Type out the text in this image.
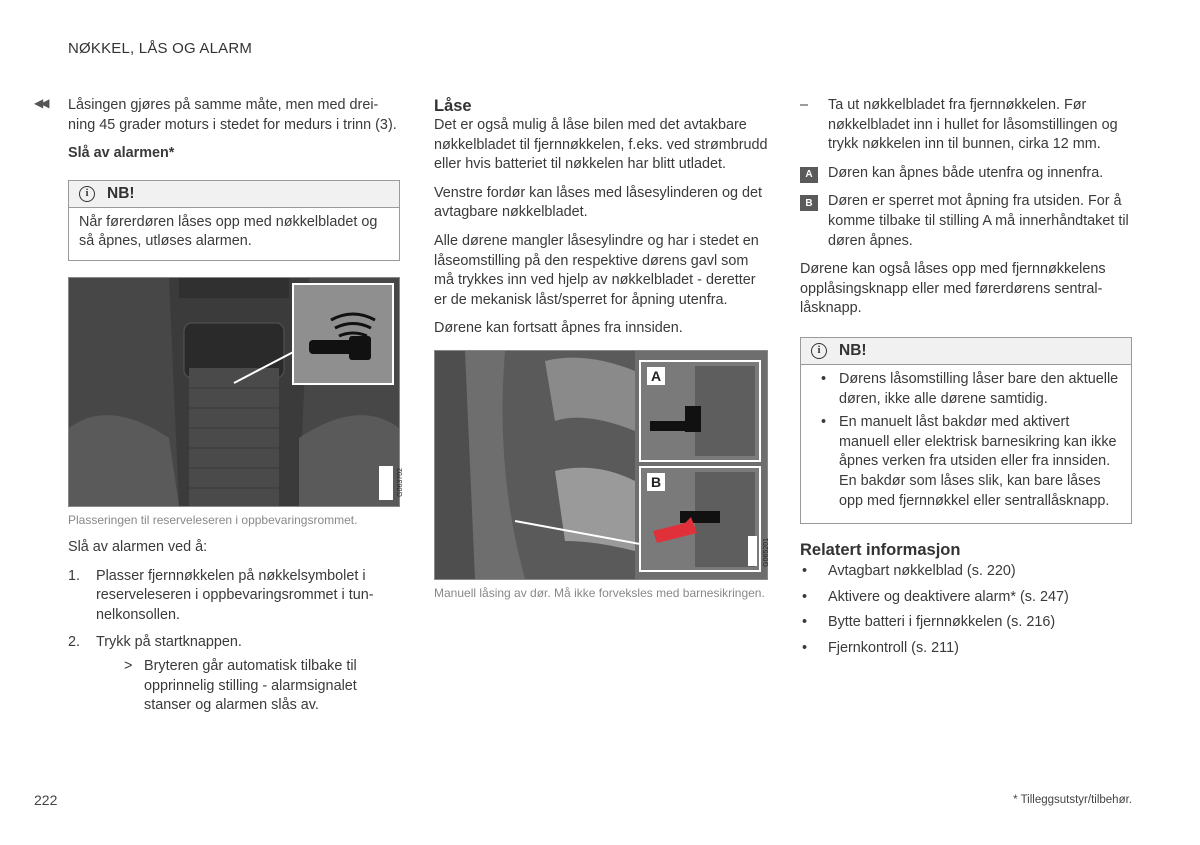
NØKKEL, LÅS OG ALARM
◀◀ Låsingen gjøres på samme måte, men med dreining 45 grader moturs i stedet for medurs i trinn (3).

Slå av alarmen*
i	NB!
Når førerdøren låses opp med nøkkelbladet og så åpnes, utløses alarmen.
G063702
Plasseringen til reserveleseren i oppbevaringsrommet.

Slå av alarmen ved å:

1. Plasser fjernnøkkelen på nøkkelsymbolet i reserveleseren i oppbevaringsrommet i tunnelkonsollen.
2. Trykk på startknappen.
> Bryteren går automatisk tilbake til opprinnelig stilling - alarmsignalet stanser og alarmen slås av.
Låse

Det er også mulig å låse bilen med det avtakbare nøkkelbladet til fjernnøkkelen, f.eks. ved strømbrudd eller hvis batteriet til nøkkelen har blitt utladet.

Venstre fordør kan låses med låsesylinderen og det avtagbare nøkkelbladet.

Alle dørene mangler låsesylindre og har i stedet en låseomstilling på den respektive dørens gavl som må trykkes inn ved hjelp av nøkkelbladet - deretter er de mekanisk låst/sperret for åpning utenfra.

Dørene kan fortsatt åpnes fra innsiden.

A
B
G065201
Manuell låsing av dør. Må ikke forveksles med barnesikringen.
– Ta ut nøkkelbladet fra fjernnøkkelen. Før nøkkelbladet inn i hullet for låsomstillingen og trykk nøkkelen inn til bunnen, cirka 12 mm.
A	Døren kan åpnes både utenfra og innenfra.
B	Døren er sperret mot åpning fra utsiden. For å komme tilbake til stilling A må innerhåndtaket til døren åpnes.

Dørene kan også låses opp med fjernnøkkelens opplåsingsknapp eller med førerdørens sentrallåsknapp.

i	NB!
• Dørens låsomstilling låser bare den aktuelle døren, ikke alle dørene samtidig.
• En manuelt låst bakdør med aktivert manuell eller elektrisk barnesikring kan ikke åpnes verken fra utsiden eller fra innsiden. En bakdør som låses slik, kan bare låses opp med fjernnøkkel eller sentrallåsknapp.
Relatert informasjon
• Avtagbart nøkkelblad (s. 220)
• Aktivere og deaktivere alarm* (s. 247)
• Bytte batteri i fjernnøkkelen (s. 216)
• Fjernkontroll (s. 211)
222	* Tilleggsutstyr/tilbehør.
